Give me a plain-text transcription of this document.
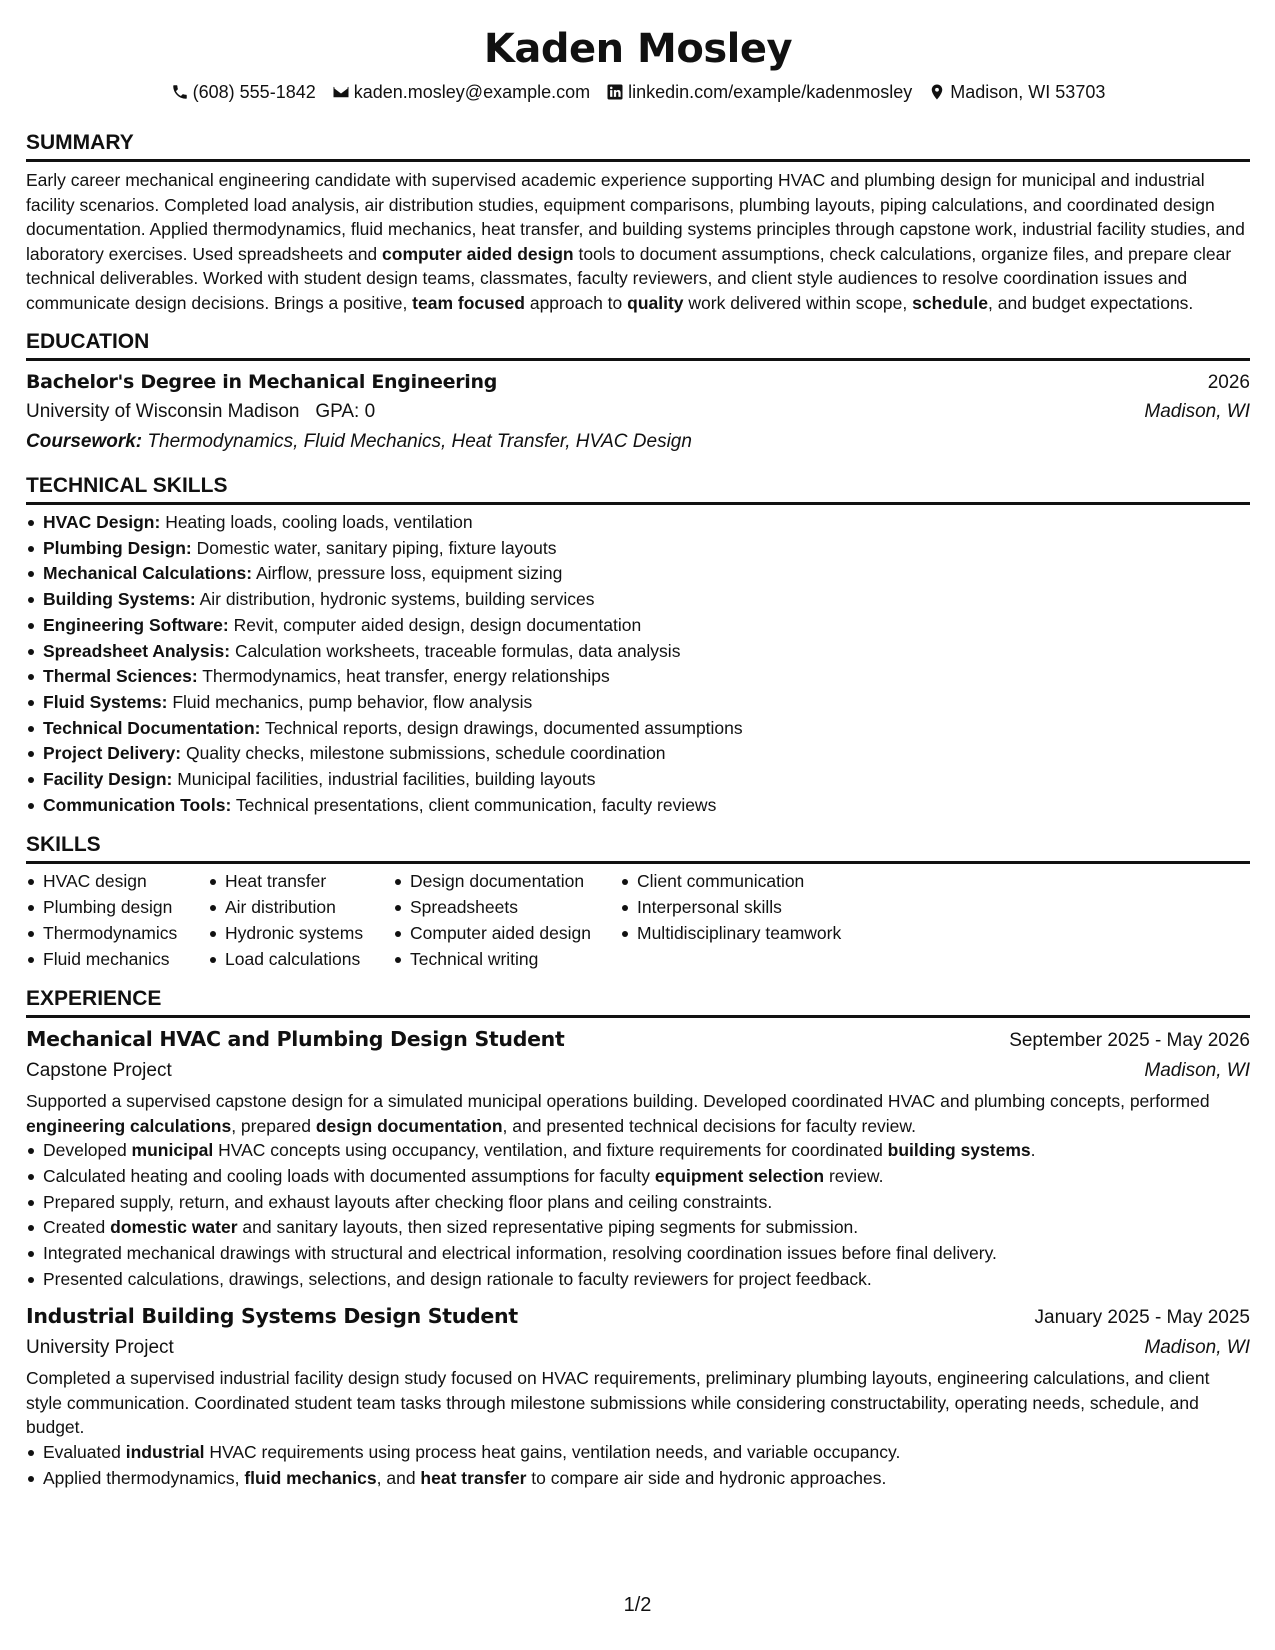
Kaden Mosley
(608) 555-1842 kaden.mosley@example.com linkedin.com/example/kadenmosley Madison, WI 53703
SUMMARY

Early career mechanical engineering candidate with supervised academic experience supporting HVAC and plumbing design for municipal and industrial facility scenarios. Completed load analysis, air distribution studies, equipment comparisons, plumbing layouts, piping calculations, and coordinated design documentation. Applied thermodynamics, fluid mechanics, heat transfer, and building systems principles through capstone work, industrial facility studies, and laboratory exercises. Used spreadsheets and computer aided design tools to document assumptions, check calculations, organize files, and prepare clear technical deliverables. Worked with student design teams, classmates, faculty reviewers, and client style audiences to resolve coordination issues and communicate design decisions. Brings a positive, team focused approach to quality work delivered within scope, schedule, and budget expectations.

EDUCATION
Bachelor's Degree in Mechanical Engineering	2026
University of Wisconsin Madison GPA: 0	Madison, WI
Coursework: Thermodynamics, Fluid Mechanics, Heat Transfer, HVAC Design
TECHNICAL SKILLS
HVAC Design: Heating loads, cooling loads, ventilation
Plumbing Design: Domestic water, sanitary piping, fixture layouts
Mechanical Calculations: Airflow, pressure loss, equipment sizing
Building Systems: Air distribution, hydronic systems, building services
Engineering Software: Revit, computer aided design, design documentation
Spreadsheet Analysis: Calculation worksheets, traceable formulas, data analysis
Thermal Sciences: Thermodynamics, heat transfer, energy relationships
Fluid Systems: Fluid mechanics, pump behavior, flow analysis
Technical Documentation: Technical reports, design drawings, documented assumptions
Project Delivery: Quality checks, milestone submissions, schedule coordination
Facility Design: Municipal facilities, industrial facilities, building layouts
Communication Tools: Technical presentations, client communication, faculty reviews
SKILLS
HVAC design
Plumbing design
Thermodynamics
Fluid mechanics
Heat transfer
Air distribution
Hydronic systems
Load calculations
Design documentation
Spreadsheets
Computer aided design
Technical writing
Client communication
Interpersonal skills
Multidisciplinary teamwork
EXPERIENCE
Mechanical HVAC and Plumbing Design Student	September 2025 - May 2026
Capstone Project	Madison, WI

Supported a supervised capstone design for a simulated municipal operations building. Developed coordinated HVAC and plumbing concepts, performed engineering calculations, prepared design documentation, and presented technical decisions for faculty review.

Developed municipal HVAC concepts using occupancy, ventilation, and fixture requirements for coordinated building systems.
Calculated heating and cooling loads with documented assumptions for faculty equipment selection review.
Prepared supply, return, and exhaust layouts after checking floor plans and ceiling constraints.
Created domestic water and sanitary layouts, then sized representative piping segments for submission.
Integrated mechanical drawings with structural and electrical information, resolving coordination issues before final delivery.
Presented calculations, drawings, selections, and design rationale to faculty reviewers for project feedback.
Industrial Building Systems Design Student	January 2025 - May 2025
University Project	Madison, WI

Completed a supervised industrial facility design study focused on HVAC requirements, preliminary plumbing layouts, engineering calculations, and client style communication. Coordinated student team tasks through milestone submissions while considering constructability, operating needs, schedule, and budget.

Evaluated industrial HVAC requirements using process heat gains, ventilation needs, and variable occupancy.
Applied thermodynamics, fluid mechanics, and heat transfer to compare air side and hydronic approaches.
1/2
